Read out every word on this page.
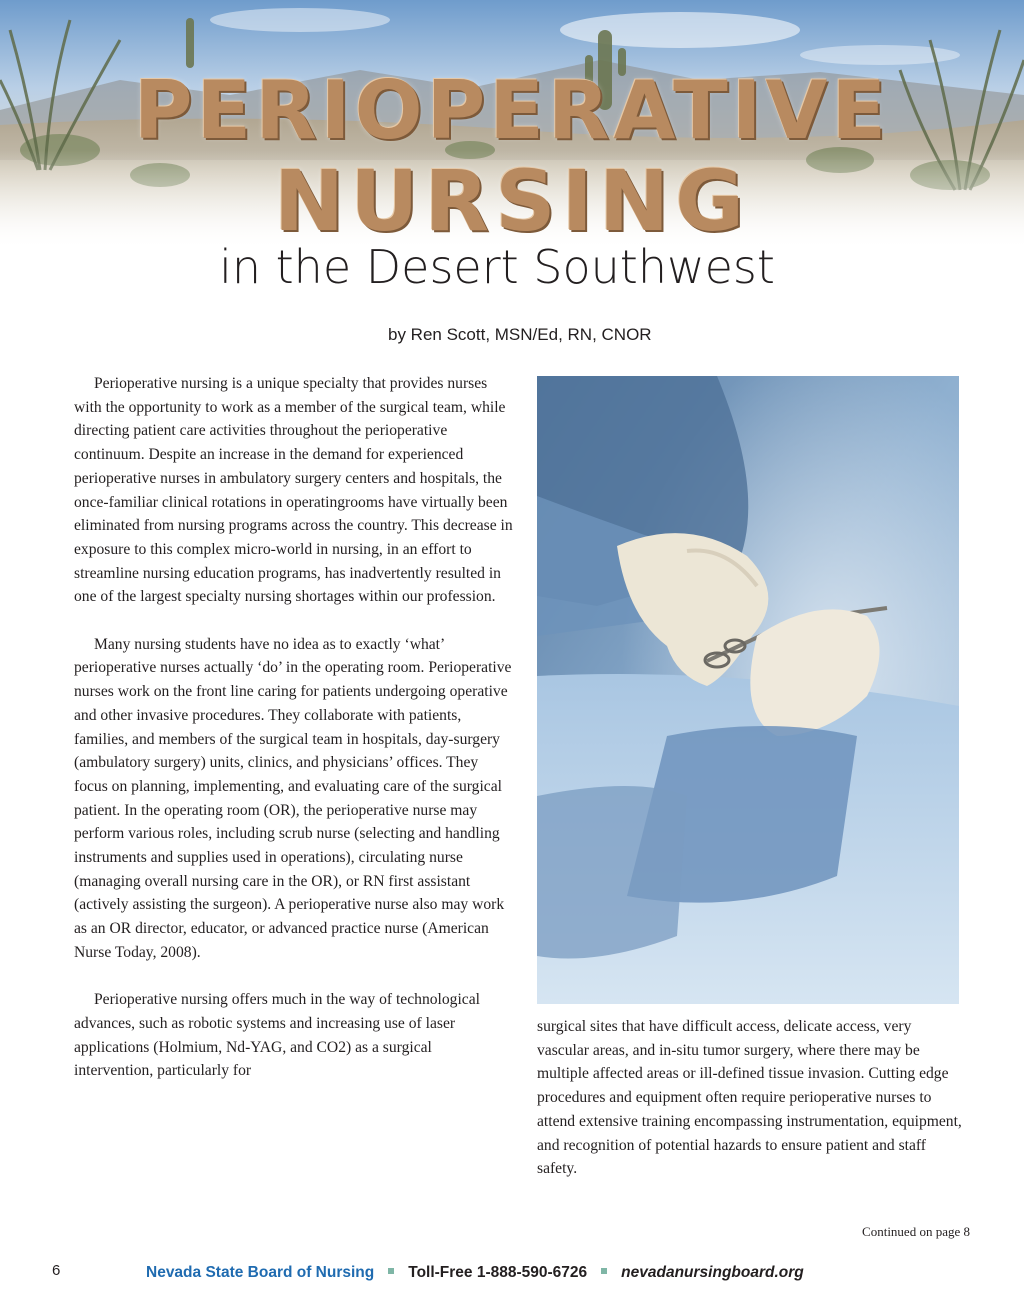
PERIOPERATIVE
NURSING
in the Desert Southwest

by Ren Scott, MSN/Ed, RN, CNOR

Perioperative nursing is a unique specialty that provides nurses with the opportunity to work as a member of the surgical team, while directing patient care activities throughout the perioperative continuum. Despite an increase in the demand for experienced perioperative nurses in ambulatory surgery centers and hospitals, the once-familiar clinical rotations in operatingrooms have virtually been eliminated from nursing programs across the country. This decrease in exposure to this complex micro-world in nursing, in an effort to streamline nursing education programs, has inadvertently resulted in one of the largest specialty nursing shortages within our profession.

Many nursing students have no idea as to exactly ‘what’ perioperative nurses actually ‘do’ in the operating room. Perioperative nurses work on the front line caring for patients undergoing operative and other invasive procedures. They collaborate with patients, families, and members of the surgical team in hospitals, day-surgery (ambulatory surgery) units, clinics, and physicians’ offices. They focus on planning, implementing, and evaluating care of the surgical patient. In the operating room (OR), the perioperative nurse may perform various roles, including scrub nurse (selecting and handling instruments and supplies used in operations), circulating nurse (managing overall nursing care in the OR), or RN first assistant (actively assisting the surgeon). A perioperative nurse also may work as an OR director, educator, or advanced practice nurse (American Nurse Today, 2008).

Perioperative nursing offers much in the way of technological advances, such as robotic systems and increasing use of laser applications (Holmium, Nd-YAG, and CO2) as a surgical intervention, particularly for

surgical sites that have difficult access, delicate access, very vascular areas, and in-situ tumor surgery, where there may be multiple affected areas or ill-defined tissue invasion. Cutting edge procedures and equipment often require perioperative nurses to attend extensive training encompassing instrumentation, equipment, and recognition of potential hazards to ensure patient and staff safety.

Continued on page 8

6	Nevada State Board of Nursing Toll-Free 1-888-590-6726 nevadanursingboard.org
